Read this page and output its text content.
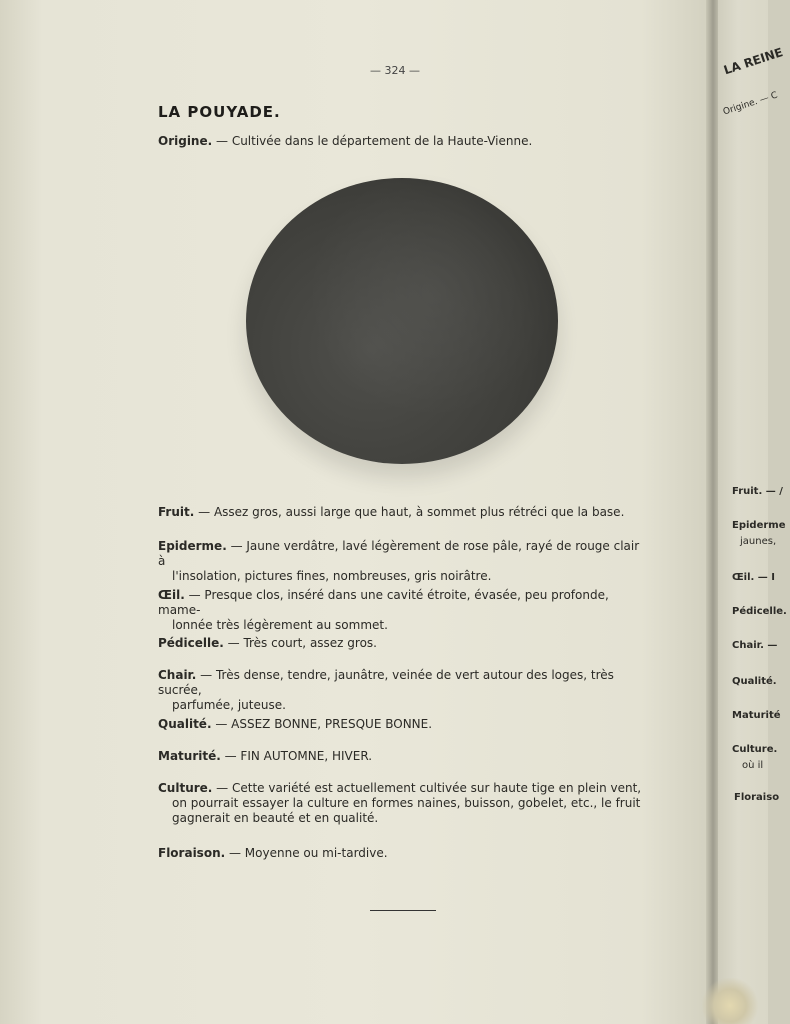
LA REINE
Origine. — C
Fruit. — /
Epiderme
jaunes,
Œil. — I
Pédicelle.
Chair. —
Qualité.
Maturité
Culture.
où il
Floraiso
— 324 —
LA POUYADE.
Origine. — Cultivée dans le département de la Haute-Vienne.
Fruit. — Assez gros, aussi large que haut, à sommet plus rétréci que la base.
Epiderme. — Jaune verdâtre, lavé légèrement de rose pâle, rayé de rouge clair à
l'insolation, pictures fines, nombreuses, gris noirâtre.
Œil. — Presque clos, inséré dans une cavité étroite, évasée, peu profonde, mame-
lonnée très légèrement au sommet.
Pédicelle. — Très court, assez gros.
Chair. — Très dense, tendre, jaunâtre, veinée de vert autour des loges, très sucrée,
parfumée, juteuse.
Qualité. — ASSEZ BONNE, PRESQUE BONNE.
Maturité. — FIN AUTOMNE, HIVER.
Culture. — Cette variété est actuellement cultivée sur haute tige en plein vent,
on pourrait essayer la culture en formes naines, buisson, gobelet, etc., le fruit
gagnerait en beauté et en qualité.
Floraison. — Moyenne ou mi-tardive.
